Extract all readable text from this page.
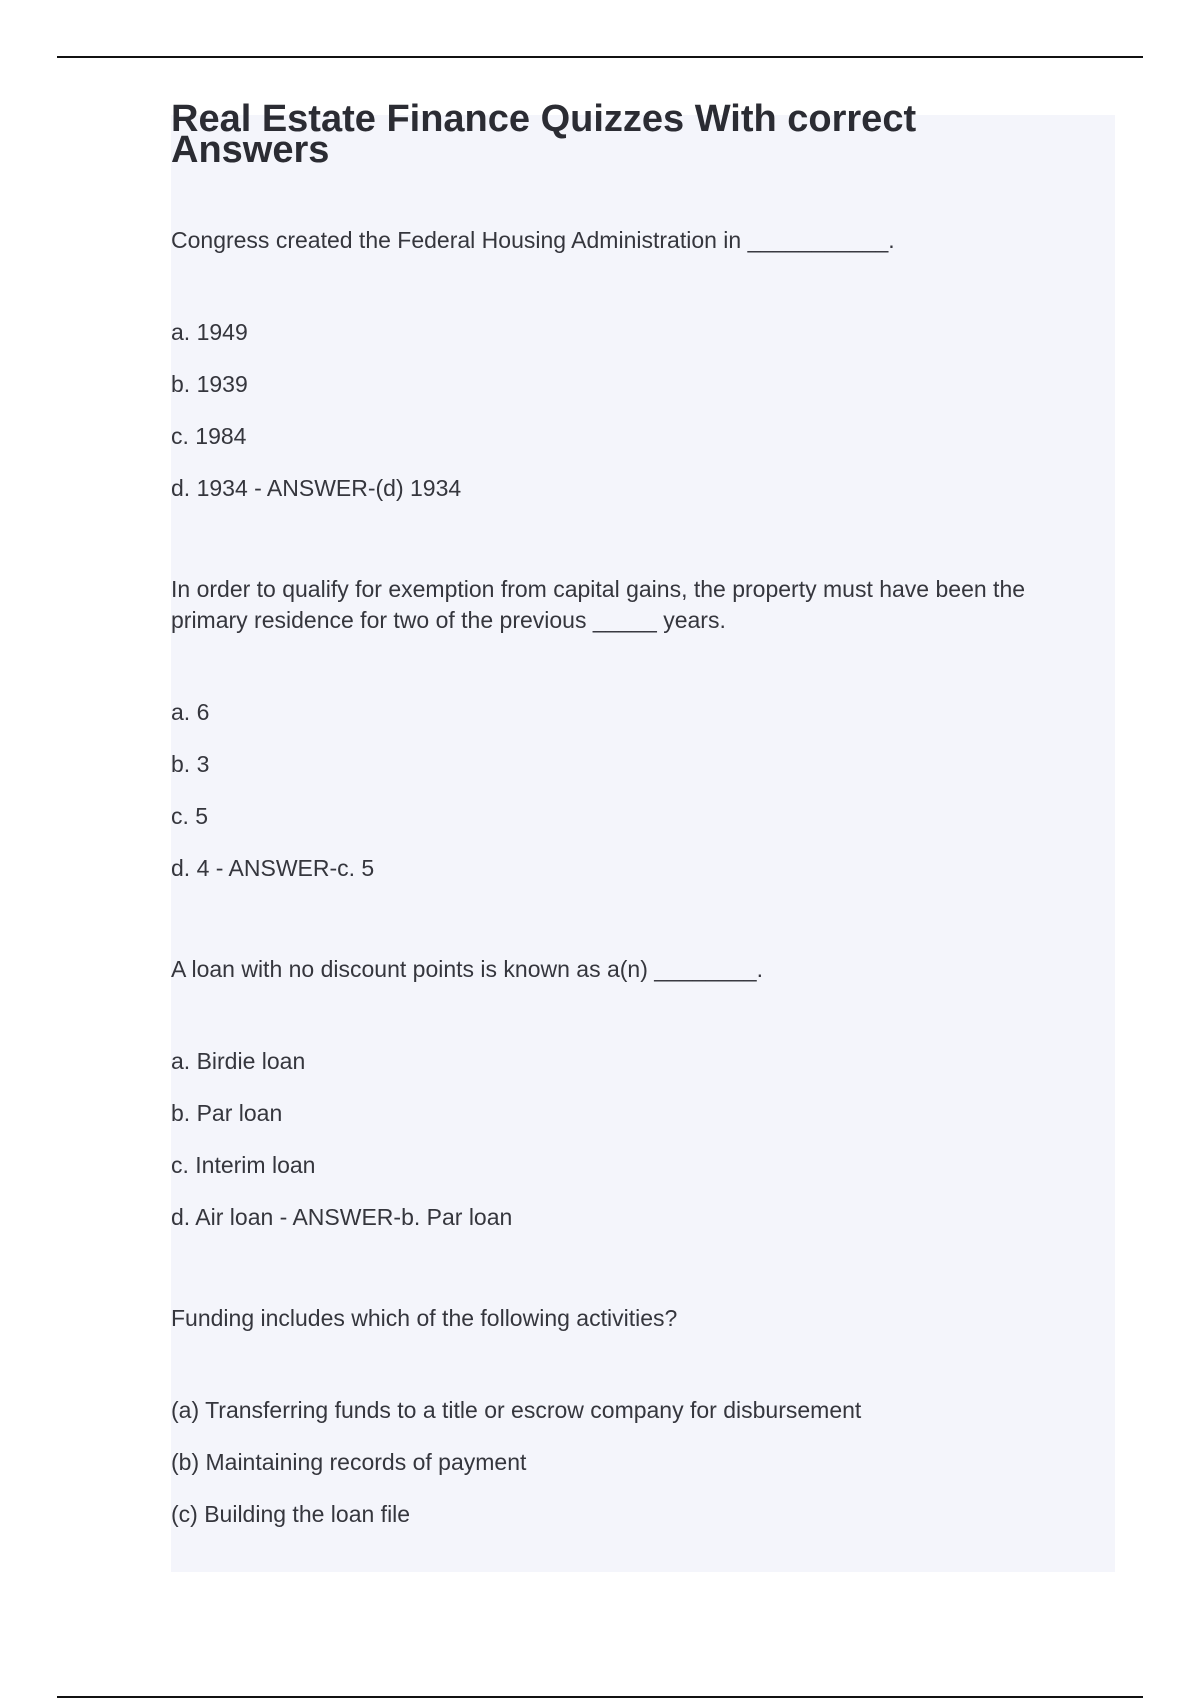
Real Estate Finance Quizzes With correct Answers

Congress created the Federal Housing Administration in ___________.

a. 1949
b. 1939
c. 1984
d. 1934 - ANSWER-(d) 1934

In order to qualify for exemption from capital gains, the property must have been the primary residence for two of the previous _____ years.

a. 6
b. 3
c. 5
d. 4 - ANSWER-c. 5

A loan with no discount points is known as a(n) ________.

a. Birdie loan
b. Par loan
c. Interim loan
d. Air loan - ANSWER-b. Par loan

Funding includes which of the following activities?

(a) Transferring funds to a title or escrow company for disbursement
(b) Maintaining records of payment
(c) Building the loan file
